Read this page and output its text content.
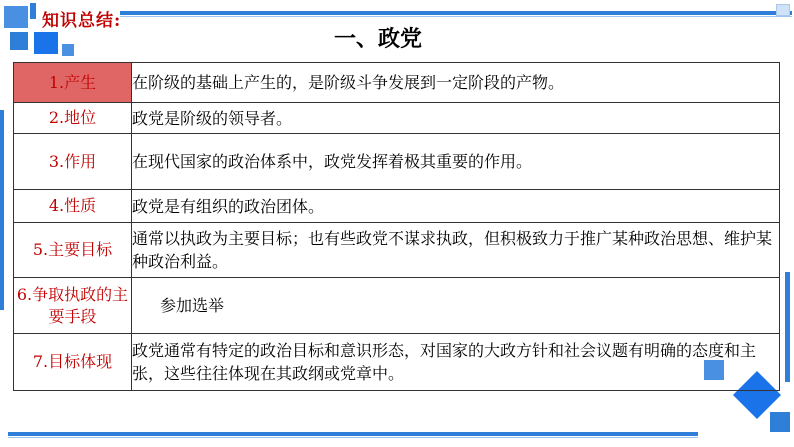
知识总结:
一、政党
1.产生	在阶级的基础上产生的，是阶级斗争发展到一定阶段的产物。
2.地位	政党是阶级的领导者。
3.作用	在现代国家的政治体系中，政党发挥着极其重要的作用。
4.性质	政党是有组织的政治团体。
5.主要目标	通常以执政为主要目标；也有些政党不谋求执政，但积极致力于推广某种政治思想、维护某种政治利益。
6.争取执政的主要手段	参加选举
7.目标体现	政党通常有特定的政治目标和意识形态，对国家的大政方针和社会议题有明确的态度和主张，这些往往体现在其政纲或党章中。
